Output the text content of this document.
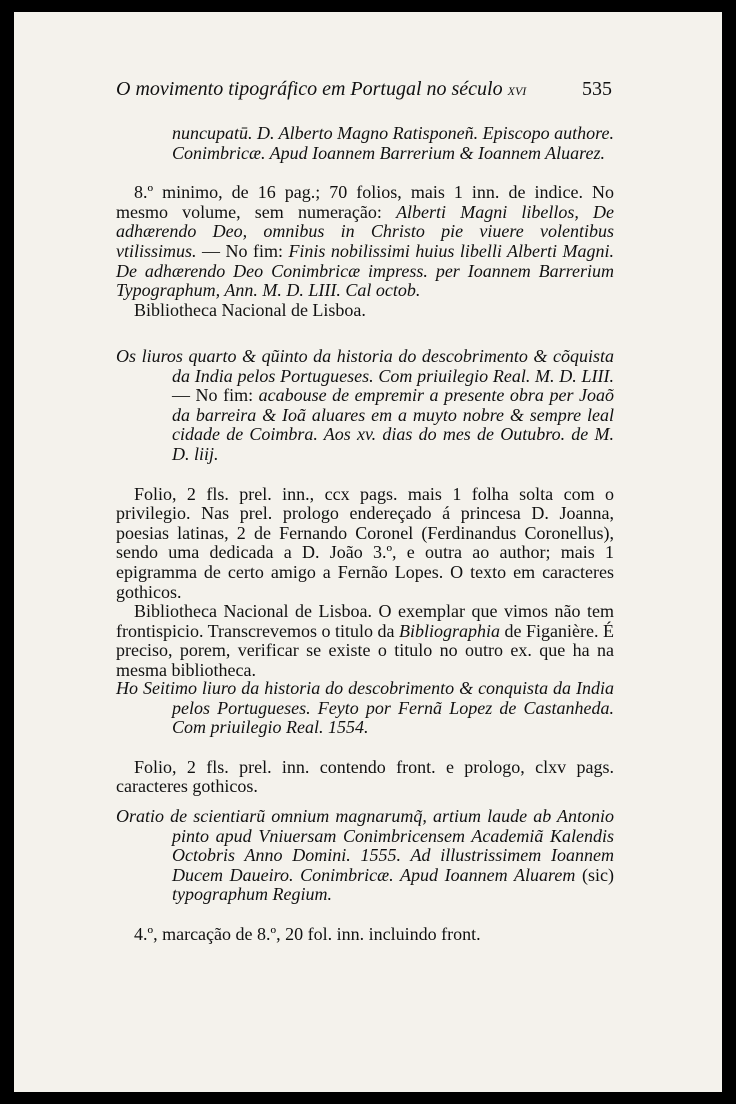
O movimento tipográfico em Portugal no século xvi	535

nuncupatū. D. Alberto Magno Ratisponeñ. Episcopo authore. Conimbricæ. Apud Ioannem Barrerium & Ioannem Aluarez.

8.º minimo, de 16 pag.; 70 folios, mais 1 inn. de indice. No mesmo volume, sem numeração: Alberti Magni libellos, De adhærendo Deo, omnibus in Christo pie viuere volentibus vtilissimus. — No fim: Finis nobilissimi huius libelli Alberti Magni. De adhærendo Deo Conimbricæ impress. per Ioannem Barrerium Typographum, Ann. M. D. LIII. Cal octob.

Bibliotheca Nacional de Lisboa.

Os liuros quarto & qũinto da historia do descobrimento & cõquista da India pelos Portugueses. Com priuilegio Real. M. D. LIII. — No fim: acabouse de empremir a presente obra per Joaõ da barreira & Ioã aluares em a muyto nobre & sempre leal cidade de Coimbra. Aos xv. dias do mes de Outubro. de M. D. liij.

Folio, 2 fls. prel. inn., ccx pags. mais 1 folha solta com o privilegio. Nas prel. prologo endereçado á princesa D. Joanna, poesias latinas, 2 de Fernando Coronel (Ferdinandus Coronellus), sendo uma dedicada a D. João 3.º, e outra ao author; mais 1 epigramma de certo amigo a Fernão Lopes. O texto em caracteres gothicos.

Bibliotheca Nacional de Lisboa. O exemplar que vimos não tem frontispicio. Transcrevemos o titulo da Bibliographia de Figanière. É preciso, porem, verificar se existe o titulo no outro ex. que ha na mesma bibliotheca.

Ho Seitimo liuro da historia do descobrimento & conquista da India pelos Portugueses. Feyto por Fernã Lopez de Castanheda. Com priuilegio Real. 1554.

Folio, 2 fls. prel. inn. contendo front. e prologo, clxv pags. caracteres gothicos.

Oratio de scientiarũ omnium magnarumq̃, artium laude ab Antonio pinto apud Vniuersam Conimbricensem Academiã Kalendis Octobris Anno Domini. 1555. Ad illustrissimem Ioannem Ducem Daueiro. Conimbricæ. Apud Ioannem Aluarem (sic) typographum Regium.

4.º, marcação de 8.º, 20 fol. inn. incluindo front.
